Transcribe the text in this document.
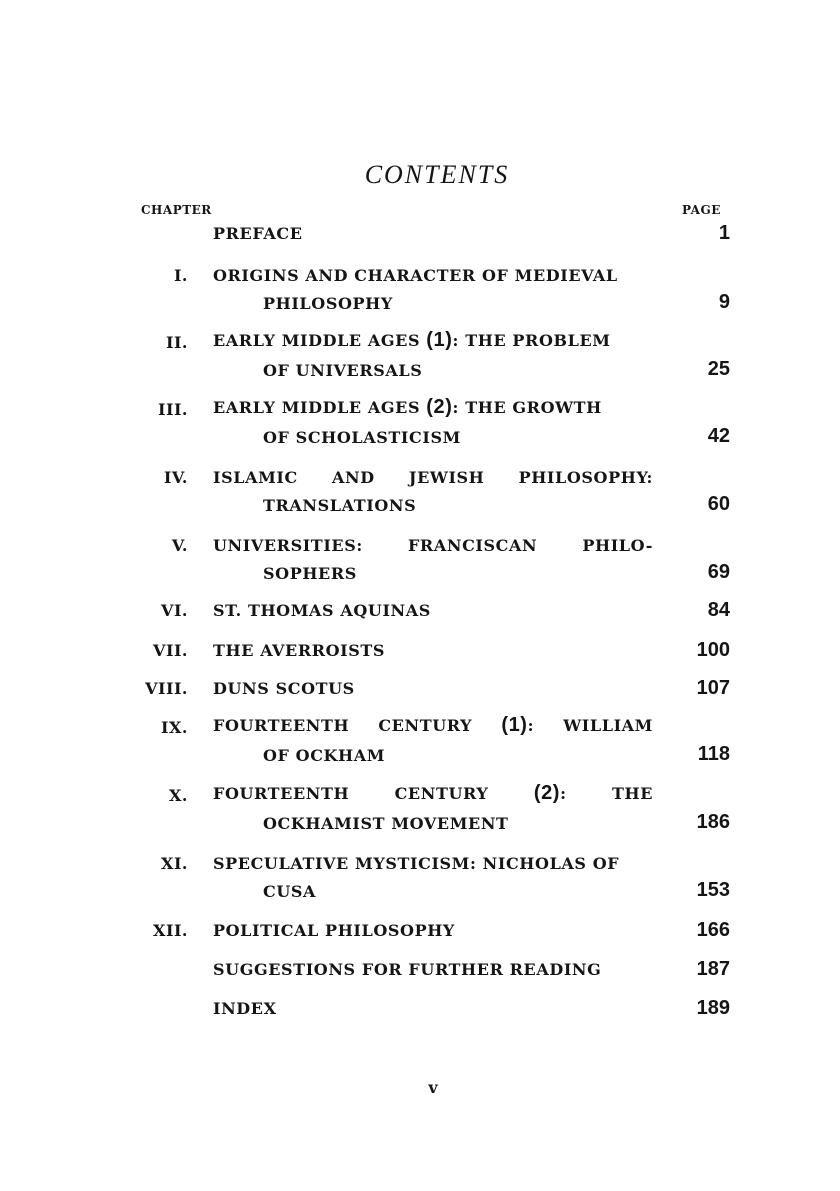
CONTENTS
CHAPTER	PAGE
PREFACE	1
I. ORIGINS AND CHARACTER OF MEDIEVAL
PHILOSOPHY	9
II. EARLY MIDDLE AGES (1): THE PROBLEM
OF UNIVERSALS	25
III. EARLY MIDDLE AGES (2): THE GROWTH
OF SCHOLASTICISM	42
IV. ISLAMIC AND JEWISH PHILOSOPHY:
TRANSLATIONS	60
V. UNIVERSITIES: FRANCISCAN PHILO-
SOPHERS	69
VI. ST. THOMAS AQUINAS	84
VII. THE AVERROISTS	100
VIII. DUNS SCOTUS	107
IX. FOURTEENTH CENTURY (1): WILLIAM
OF OCKHAM	118
X. FOURTEENTH CENTURY (2): THE
OCKHAMIST MOVEMENT	186
XI. SPECULATIVE MYSTICISM: NICHOLAS OF
CUSA	153
XII. POLITICAL PHILOSOPHY	166
SUGGESTIONS FOR FURTHER READING	187
INDEX	189
v
